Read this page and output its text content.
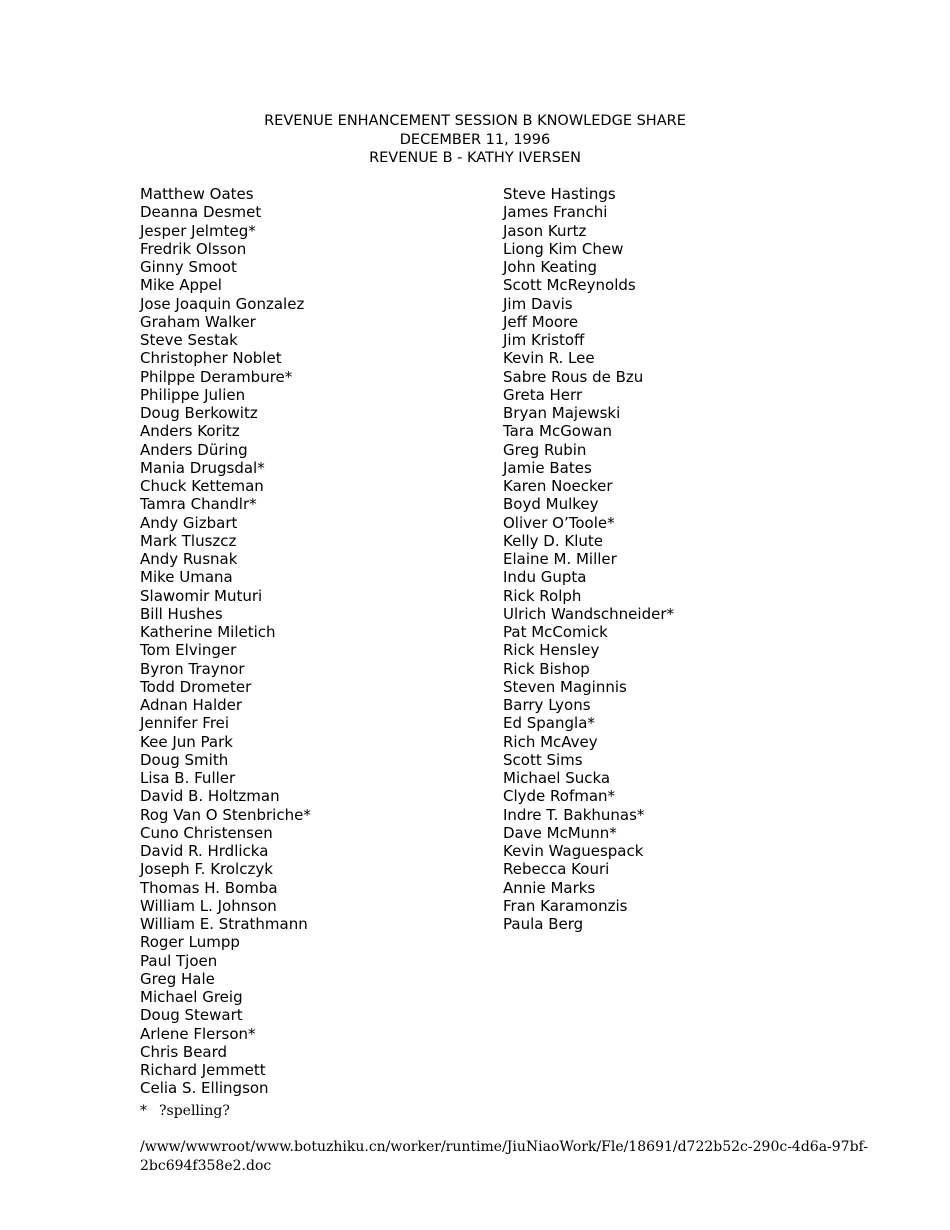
REVENUE ENHANCEMENT SESSION B KNOWLEDGE SHARE
DECEMBER 11, 1996
REVENUE B - KATHY IVERSEN
Matthew Oates
Deanna Desmet
Jesper Jelmteg*
Fredrik Olsson
Ginny Smoot
Mike Appel
Jose Joaquin Gonzalez
Graham Walker
Steve Sestak
Christopher Noblet
Philppe Derambure*
Philippe Julien
Doug Berkowitz
Anders Koritz
Anders Düring
Mania Drugsdal*
Chuck Ketteman
Tamra Chandlr*
Andy Gizbart
Mark Tluszcz
Andy Rusnak
Mike Umana
Slawomir Muturi
Bill Hushes
Katherine Miletich
Tom Elvinger
Byron Traynor
Todd Drometer
Adnan Halder
Jennifer Frei
Kee Jun Park
Doug Smith
Lisa B. Fuller
David B. Holtzman
Rog Van O Stenbriche*
Cuno Christensen
David R. Hrdlicka
Joseph F. Krolczyk
Thomas H. Bomba
William L. Johnson
William E. Strathmann
Roger Lumpp
Paul Tjoen
Greg Hale
Michael Greig
Doug Stewart
Arlene Flerson*
Chris Beard
Richard Jemmett
Celia S. Ellingson
Steve Hastings
James Franchi
Jason Kurtz
Liong Kim Chew
John Keating
Scott McReynolds
Jim Davis
Jeff Moore
Jim Kristoff
Kevin R. Lee
Sabre Rous de Bzu
Greta Herr
Bryan Majewski
Tara McGowan
Greg Rubin
Jamie Bates
Karen Noecker
Boyd Mulkey
Oliver O’Toole*
Kelly D. Klute
Elaine M. Miller
Indu Gupta
Rick Rolph
Ulrich Wandschneider*
Pat McComick
Rick Hensley
Rick Bishop
Steven Maginnis
Barry Lyons
Ed Spangla*
Rich McAvey
Scott Sims
Michael Sucka
Clyde Rofman*
Indre T. Bakhunas*
Dave McMunn*
Kevin Waguespack
Rebecca Kouri
Annie Marks
Fran Karamonzis
Paula Berg
* ?spelling?
/www/wwwroot/www.botuzhiku.cn/worker/runtime/JiuNiaoWork/Fle/18691/d722b52c-290c-4d6a-97bf-
2bc694f358e2.doc
